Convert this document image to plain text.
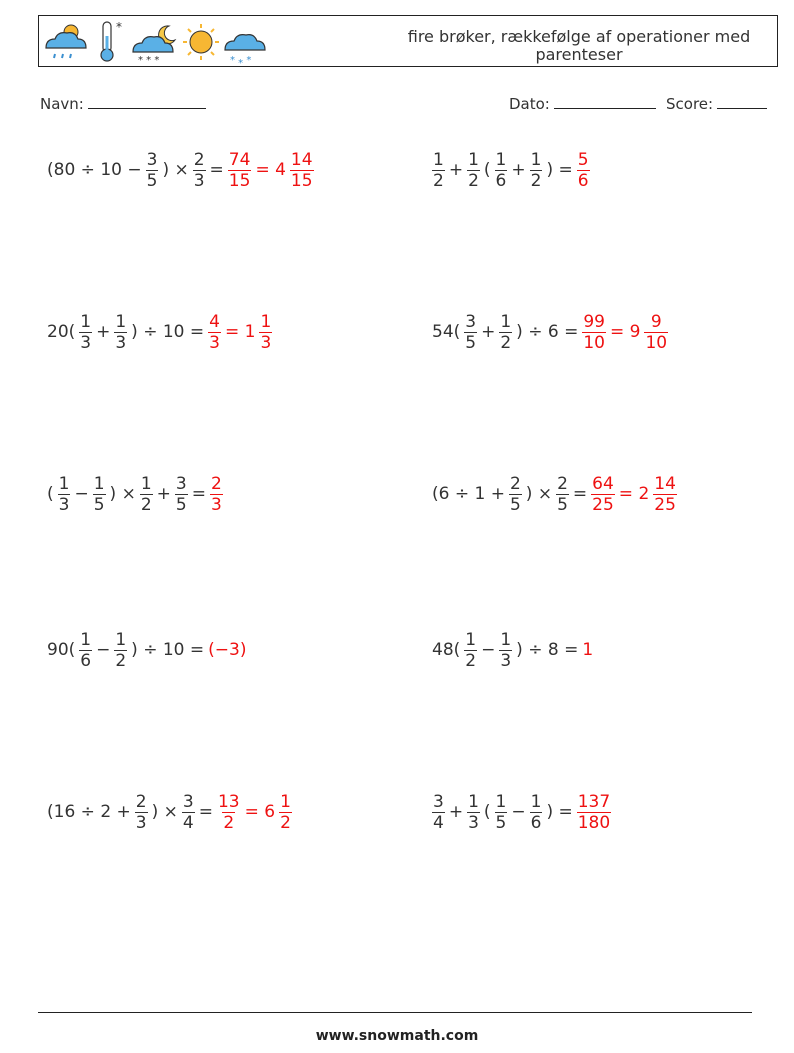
*
* * *	* ⁎ *
fire brøker, rækkefølge af operationer med parenteser
Navn:	Dato:	Score:
($80 \div 10 - \frac{3}{5}$ ) × $\frac{2}{3} = \frac{74}{15} = 4 \frac{14}{15}$	$\frac{1}{2} + \frac{1}{2}$ ( $\frac{1}{6} + \frac{1}{2}$ ) = $\frac{5}{6}$
$20( \frac{1}{3} + \frac{1}{3}$ ) ÷ $10 = \frac{4}{3} = 1 \frac{1}{3}$	$54( \frac{3}{5} + \frac{1}{2}$ ) ÷ $6 = \frac{99}{10} = 9 \frac{9}{10}$
( $\frac{1}{3} - \frac{1}{5}$ ) × $\frac{1}{2} + \frac{3}{5} = \frac{2}{3}$	($6 \div 1 + \frac{2}{5}$ ) × $\frac{2}{5} = \frac{64}{25} = 2 \frac{14}{25}$
$90( \frac{1}{6} - \frac{1}{2}$ ) ÷ 10 = (−3)	$48( \frac{1}{2} - \frac{1}{3}$ ) ÷ 8 = 1
($16 \div 2 + \frac{2}{3}$ ) × $\frac{3}{4} = \frac{13}{2} = 6 \frac{1}{2}$	$\frac{3}{4} + \frac{1}{3}$ ( $\frac{1}{5} - \frac{1}{6}$ ) = $\frac{137}{180}$
www.snowmath.com
